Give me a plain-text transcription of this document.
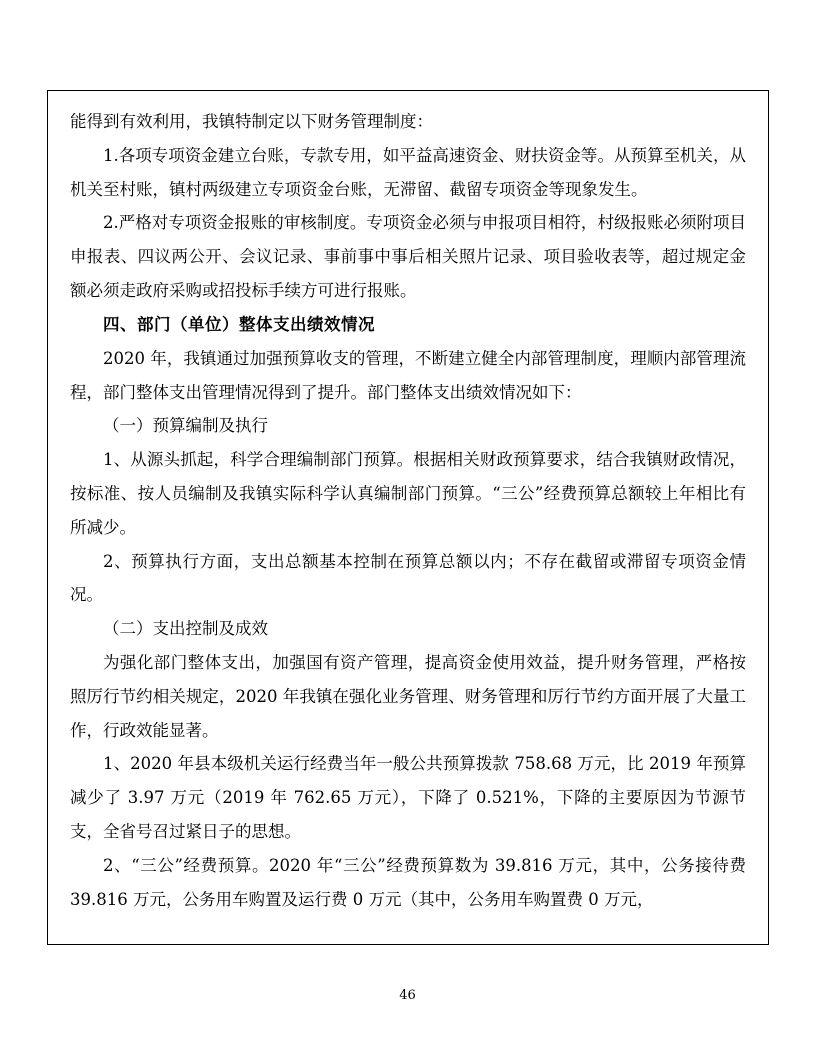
能得到有效利用，我镇特制定以下财务管理制度：

1.各项专项资金建立台账，专款专用，如平益高速资金、财扶资金等。从预算至机关，从机关至村账，镇村两级建立专项资金台账，无滞留、截留专项资金等现象发生。

2.严格对专项资金报账的审核制度。专项资金必须与申报项目相符，村级报账必须附项目申报表、四议两公开、会议记录、事前事中事后相关照片记录、项目验收表等，超过规定金额必须走政府采购或招投标手续方可进行报账。

四、部门（单位）整体支出绩效情况

2020 年，我镇通过加强预算收支的管理，不断建立健全内部管理制度，理顺内部管理流程，部门整体支出管理情况得到了提升。部门整体支出绩效情况如下：

（一）预算编制及执行

1、从源头抓起，科学合理编制部门预算。根据相关财政预算要求，结合我镇财政情况，按标准、按人员编制及我镇实际科学认真编制部门预算。“三公”经费预算总额较上年相比有所减少。

2、预算执行方面，支出总额基本控制在预算总额以内；不存在截留或滞留专项资金情况。

（二）支出控制及成效

为强化部门整体支出，加强国有资产管理，提高资金使用效益，提升财务管理，严格按照厉行节约相关规定，2020 年我镇在强化业务管理、财务管理和厉行节约方面开展了大量工作，行政效能显著。

1、2020 年县本级机关运行经费当年一般公共预算拨款 758.68 万元，比 2019 年预算减少了 3.97 万元（2019 年 762.65 万元），下降了 0.521%，下降的主要原因为节源节支，全省号召过紧日子的思想。

2、“三公”经费预算。2020 年“三公”经费预算数为 39.816 万元，其中，公务接待费 39.816 万元，公务用车购置及运行费 0 万元（其中，公务用车购置费 0 万元，

46
